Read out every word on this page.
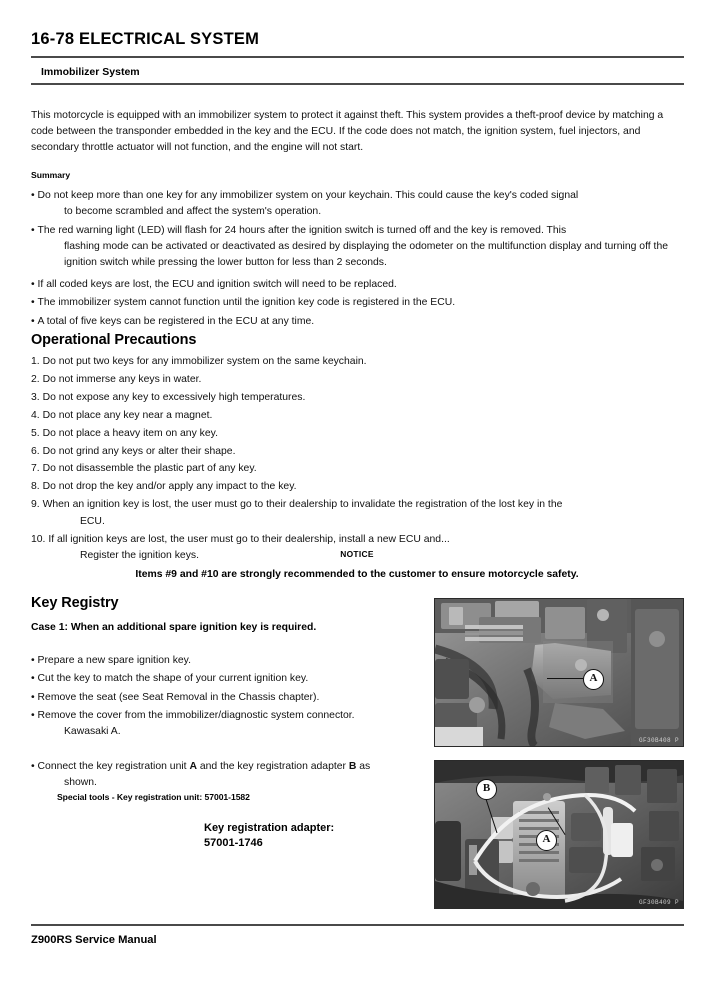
16-78 ELECTRICAL SYSTEM
Immobilizer System

This motorcycle is equipped with an immobilizer system to protect it against theft. This system provides a theft-proof device by matching a code between the transponder embedded in the key and the ECU. If the code does not match, the ignition system, fuel injectors, and secondary throttle actuator will not function, and the engine will not start.

Summary
• Do not keep more than one key for any immobilizer system on your keychain. This could cause the key's coded signal
to become scrambled and affect the system's operation.
• The red warning light (LED) will flash for 24 hours after the ignition switch is turned off and the key is removed. This
flashing mode can be activated or deactivated as desired by displaying the odometer on the multifunction display and turning off the ignition switch while pressing the lower button for less than 2 seconds.
• If all coded keys are lost, the ECU and ignition switch will need to be replaced.
• The immobilizer system cannot function until the ignition key code is registered in the ECU.
• A total of five keys can be registered in the ECU at any time.
Operational Precautions
1. Do not put two keys for any immobilizer system on the same keychain.
2. Do not immerse any keys in water.
3. Do not expose any key to excessively high temperatures.
4. Do not place any key near a magnet.
5. Do not place a heavy item on any key.
6. Do not grind any keys or alter their shape.
7. Do not disassemble the plastic part of any key.
8. Do not drop the key and/or apply any impact to the key.
9. When an ignition key is lost, the user must go to their dealership to invalidate the registration of the lost key in the
ECU.
10. If all ignition keys are lost, the user must go to their dealership, install a new ECU and...
Register the ignition keys.	NOTICE
Items #9 and #10 are strongly recommended to the customer to ensure motorcycle safety.
Key Registry
Case 1: When an additional spare ignition key is required.
• Prepare a new spare ignition key.
• Cut the key to match the shape of your current ignition key.
• Remove the seat (see Seat Removal in the Chassis chapter).
• Remove the cover from the immobilizer/diagnostic system connector.
Kawasaki A.
• Connect the key registration unit A and the key registration adapter B as
shown.
Special tools - Key registration unit: 57001-1582
Key registration adapter:
57001-1746
A
GF30B408 P
B
A
GF30B409 P
Z900RS Service Manual
